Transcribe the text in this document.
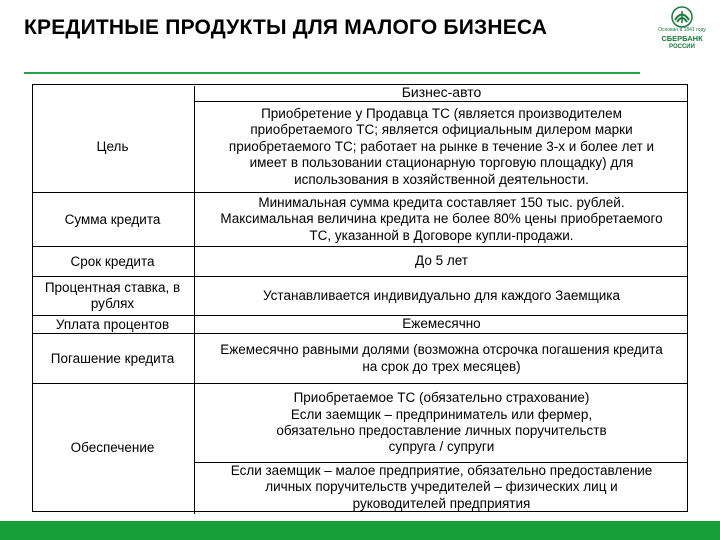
КРЕДИТНЫЕ ПРОДУКТЫ ДЛЯ МАЛОГО БИЗНЕСА	Основан в 1841 году
СБЕРБАНК
РОССИИ
Бизнес-авто
Цель
Сумма кредита
Срок кредита
Процентная ставка, в
рублях
Уплата процентов
Погашение кредита
Обеспечение
Приобретение у Продавца ТС (является производителем
приобретаемого ТС; является официальным дилером марки
приобретаемого ТС; работает на рынке в течение 3-х и более лет и
имеет в пользовании стационарную торговую площадку) для
использования в хозяйственной деятельности.
Минимальная сумма кредита составляет 150 тыс. рублей.
Максимальная величина кредита не более 80% цены приобретаемого
ТС, указанной в Договоре купли-продажи.
До 5 лет
Устанавливается индивидуально для каждого Заемщика
Ежемесячно
Ежемесячно равными долями (возможна отсрочка погашения кредита
на срок до трех месяцев)
Приобретаемое ТС (обязательно страхование)
Если заемщик – предприниматель или фермер,
обязательно предоставление личных поручительств
супруга / супруги
Если заемщик – малое предприятие, обязательно предоставление
личных поручительств учредителей – физических лиц и
руководителей предприятия
